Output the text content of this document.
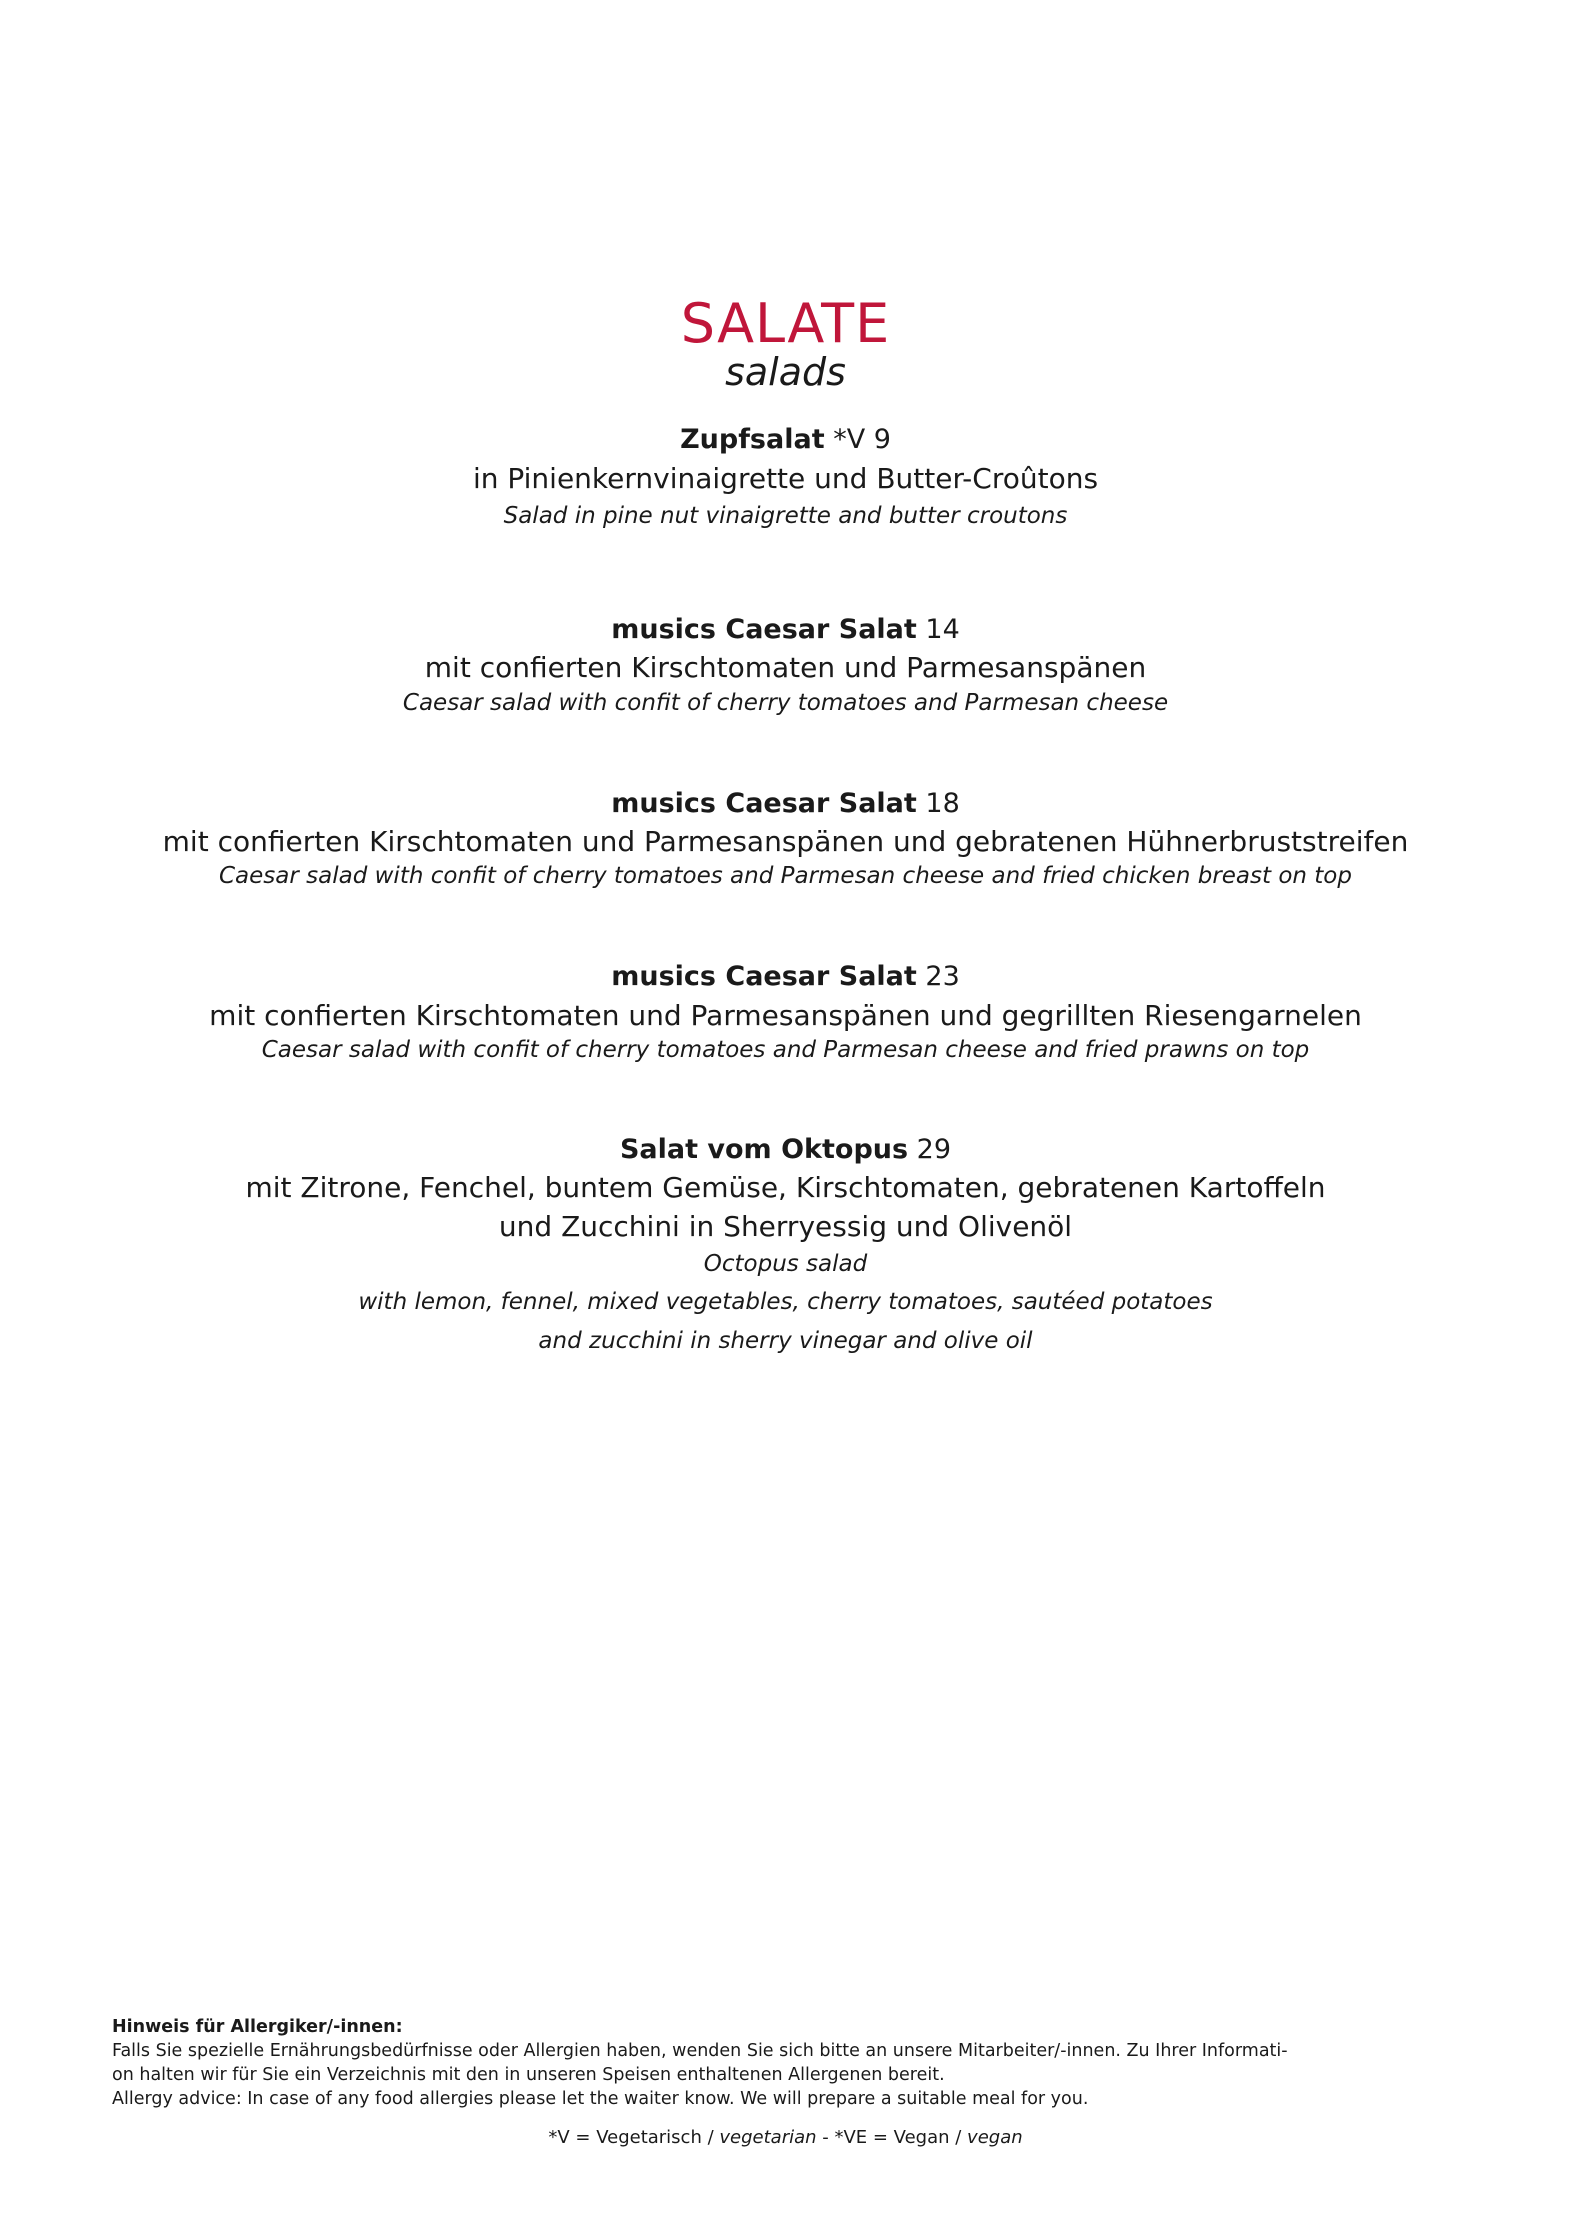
SALATE
salads
Zupfsalat *V 9
in Pinienkernvinaigrette und Butter-Croûtons
Salad in pine nut vinaigrette and butter croutons
musics Caesar Salat 14
mit confierten Kirschtomaten und Parmesanspänen
Caesar salad with confit of cherry tomatoes and Parmesan cheese
musics Caesar Salat 18
mit confierten Kirschtomaten und Parmesanspänen und gebratenen Hühnerbruststreifen
Caesar salad with confit of cherry tomatoes and Parmesan cheese and fried chicken breast on top
musics Caesar Salat 23
mit confierten Kirschtomaten und Parmesanspänen und gegrillten Riesengarnelen
Caesar salad with confit of cherry tomatoes and Parmesan cheese and fried prawns on top
Salat vom Oktopus 29
mit Zitrone, Fenchel, buntem Gemüse, Kirschtomaten, gebratenen Kartoffeln
und Zucchini in Sherryessig und Olivenöl
Octopus salad
with lemon, fennel, mixed vegetables, cherry tomatoes, sautéed potatoes
and zucchini in sherry vinegar and olive oil
Hinweis für Allergiker/-innen:
Falls Sie spezielle Ernährungsbedürfnisse oder Allergien haben, wenden Sie sich bitte an unsere Mitarbeiter/-innen. Zu Ihrer Informati-
on halten wir für Sie ein Verzeichnis mit den in unseren Speisen enthaltenen Allergenen bereit.
Allergy advice: In case of any food allergies please let the waiter know. We will prepare a suitable meal for you.
*V = Vegetarisch / vegetarian - *VE = Vegan / vegan
